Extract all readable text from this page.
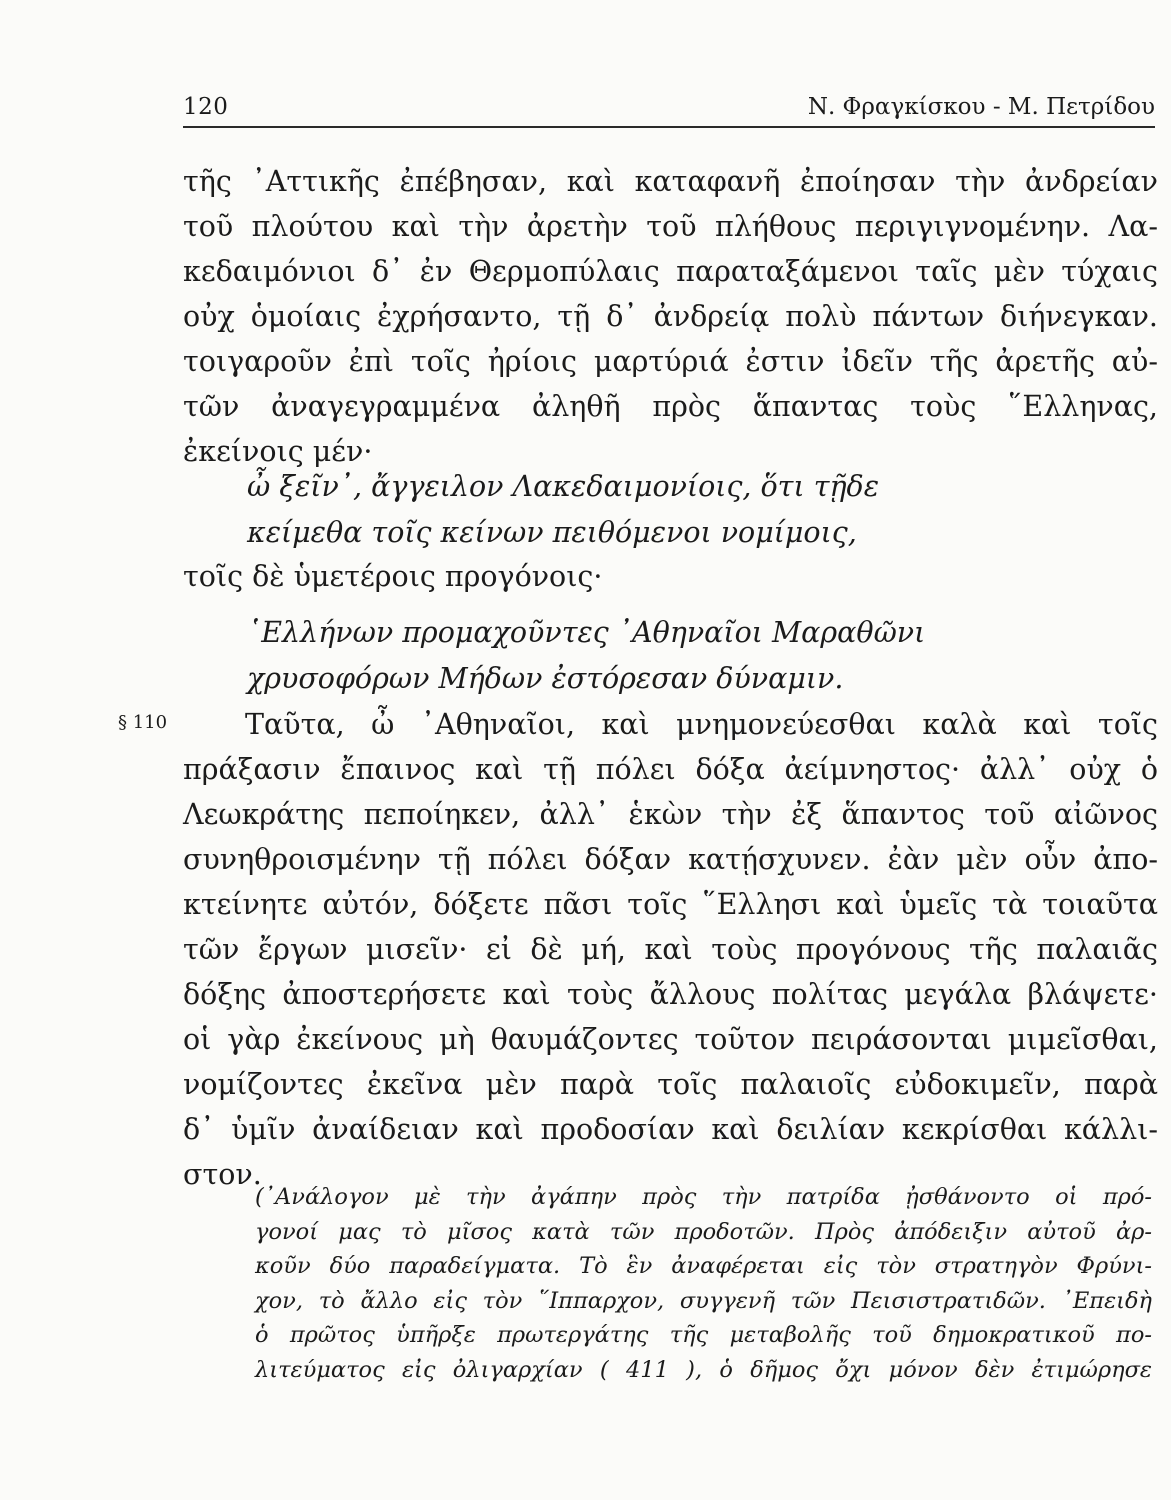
120	Ν. Φραγκίσκου - Μ. Πετρίδου
τῆς ᾿Αττικῆς ἐπέβησαν, καὶ καταφανῆ ἐποίησαν τὴν ἀνδρείαν
τοῦ πλούτου καὶ τὴν ἀρετὴν τοῦ πλήθους περιγιγνομένην. Λα-
κεδαιμόνιοι δ᾿ ἐν Θερμοπύλαις παραταξάμενοι ταῖς μὲν τύχαις
οὐχ ὁμοίαις ἐχρήσαντο, τῇ δ᾿ ἀνδρείᾳ πολὺ πάντων διήνεγκαν.
τοιγαροῦν ἐπὶ τοῖς ἠρίοις μαρτύριά ἐστιν ἰδεῖν τῆς ἀρετῆς αὐ-
τῶν ἀναγεγραμμένα ἀληθῆ πρὸς ἅπαντας τοὺς ῞Ελληνας,
ἐκείνοις μέν·
ὦ ξεῖν᾿, ἄγγειλον Λακεδαιμονίοις, ὅτι τῇδε
κείμεθα τοῖς κείνων πειθόμενοι νομίμοις,
τοῖς δὲ ὑμετέροις προγόνοις·
῾Ελλήνων προμαχοῦντες ᾿Αθηναῖοι Μαραθῶνι
χρυσοφόρων Μήδων ἐστόρεσαν δύναμιν.
§ 110	Ταῦτα, ὦ ᾿Αθηναῖοι, καὶ μνημονεύεσθαι καλὰ καὶ τοῖς
πράξασιν ἔπαινος καὶ τῇ πόλει δόξα ἀείμνηστος· ἀλλ᾿ οὐχ ὁ
Λεωκράτης πεποίηκεν, ἀλλ᾿ ἑκὼν τὴν ἐξ ἅπαντος τοῦ αἰῶνος
συνηθροισμένην τῇ πόλει δόξαν κατῄσχυνεν. ἐὰν μὲν οὖν ἀπο-
κτείνητε αὐτόν, δόξετε πᾶσι τοῖς ῞Ελλησι καὶ ὑμεῖς τὰ τοιαῦτα
τῶν ἔργων μισεῖν· εἰ δὲ μή, καὶ τοὺς προγόνους τῆς παλαιᾶς
δόξης ἀποστερήσετε καὶ τοὺς ἄλλους πολίτας μεγάλα βλάψετε·
οἱ γὰρ ἐκείνους μὴ θαυμάζοντες τοῦτον πειράσονται μιμεῖσθαι,
νομίζοντες ἐκεῖνα μὲν παρὰ τοῖς παλαιοῖς εὐδοκιμεῖν, παρὰ
δ᾿ ὑμῖν ἀναίδειαν καὶ προδοσίαν καὶ δειλίαν κεκρίσθαι κάλλι-
στον.
(᾿Ανάλογον μὲ τὴν ἀγάπην πρὸς τὴν πατρίδα ᾐσθάνοντο οἱ πρό-
γονοί μας τὸ μῖσος κατὰ τῶν προδοτῶν. Πρὸς ἀπόδειξιν αὐτοῦ ἀρ-
κοῦν δύο παραδείγματα. Τὸ ἓν ἀναφέρεται εἰς τὸν στρατηγὸν Φρύνι-
χον, τὸ ἄλλο εἰς τὸν ῞Ιππαρχον, συγγενῆ τῶν Πεισιστρατιδῶν. ᾿Επειδὴ
ὁ πρῶτος ὑπῆρξε πρωτεργάτης τῆς μεταβολῆς τοῦ δημοκρατικοῦ πο-
λιτεύματος εἰς ὀλιγαρχίαν ( 411 ), ὁ δῆμος ὄχι μόνον δὲν ἐτιμώρησε
